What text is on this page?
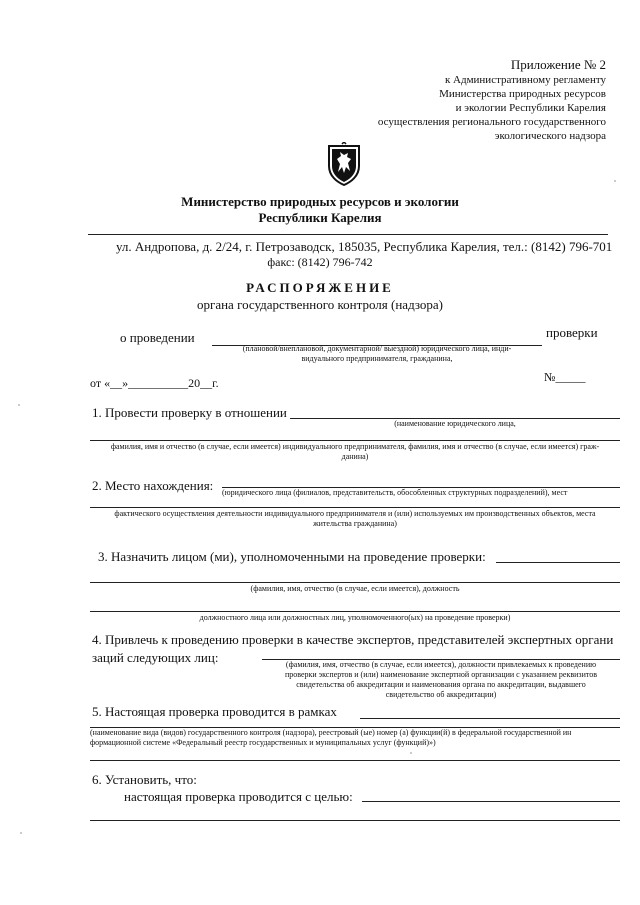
Приложение № 2
к Административному регламенту
Министерства природных ресурсов
и экологии Республики Карелия
осуществления регионального государственного
экологического надзора
Министерство природных ресурсов и экологии
Республики Карелия
ул. Андропова, д. 2/24, г. Петрозаводск, 185035, Республика Карелия, тел.: (8142) 796-701
факс: (8142) 796-742
РАСПОРЯЖЕНИЕ
органа государственного контроля (надзора)
о проведении	проверки
(плановой/внеплановой, документарной/ выездной) юридического лица, инди-
видуального предпринимателя, гражданина,
от «__»__________20__г.	№_____
1. Провести проверку в отношении
(наименование юридического лица,
фамилия, имя и отчество (в случае, если имеется) индивидуального предпринимателя, фамилия, имя и отчество (в случае, если имеется) граж-
данина)
2. Место нахождения: (юридического лица (филиалов, представительств, обособленных структурных подразделений), мест
фактического осуществления деятельности индивидуального предпринимателя и (или) используемых им производственных объектов, места
жительства гражданина)
3. Назначить лицом (ми), уполномоченными на проведение проверки:
(фамилия, имя, отчество (в случае, если имеется), должность
должностного лица или должностных лиц, уполномоченного(ых) на проведение проверки)
4. Привлечь к проведению проверки в качестве экспертов, представителей экспертных органи
заций следующих лиц:	(фамилия, имя, отчество (в случае, если имеется), должности привлекаемых к проведению
проверки экспертов и (или) наименование экспертной организации с указанием реквизитов
свидетельства об аккредитации и наименования органа по аккредитации, выдавшего
свидетельство об аккредитации)
5. Настоящая проверка проводится в рамках
(наименование вида (видов) государственного контроля (надзора), реестровый (ые) номер (а) функции(й) в федеральной государственной ин
формационной системе «Федеральный реестр государственных и муниципальных услуг (функций)»)
6. Установить, что:
настоящая проверка проводится с целью:
